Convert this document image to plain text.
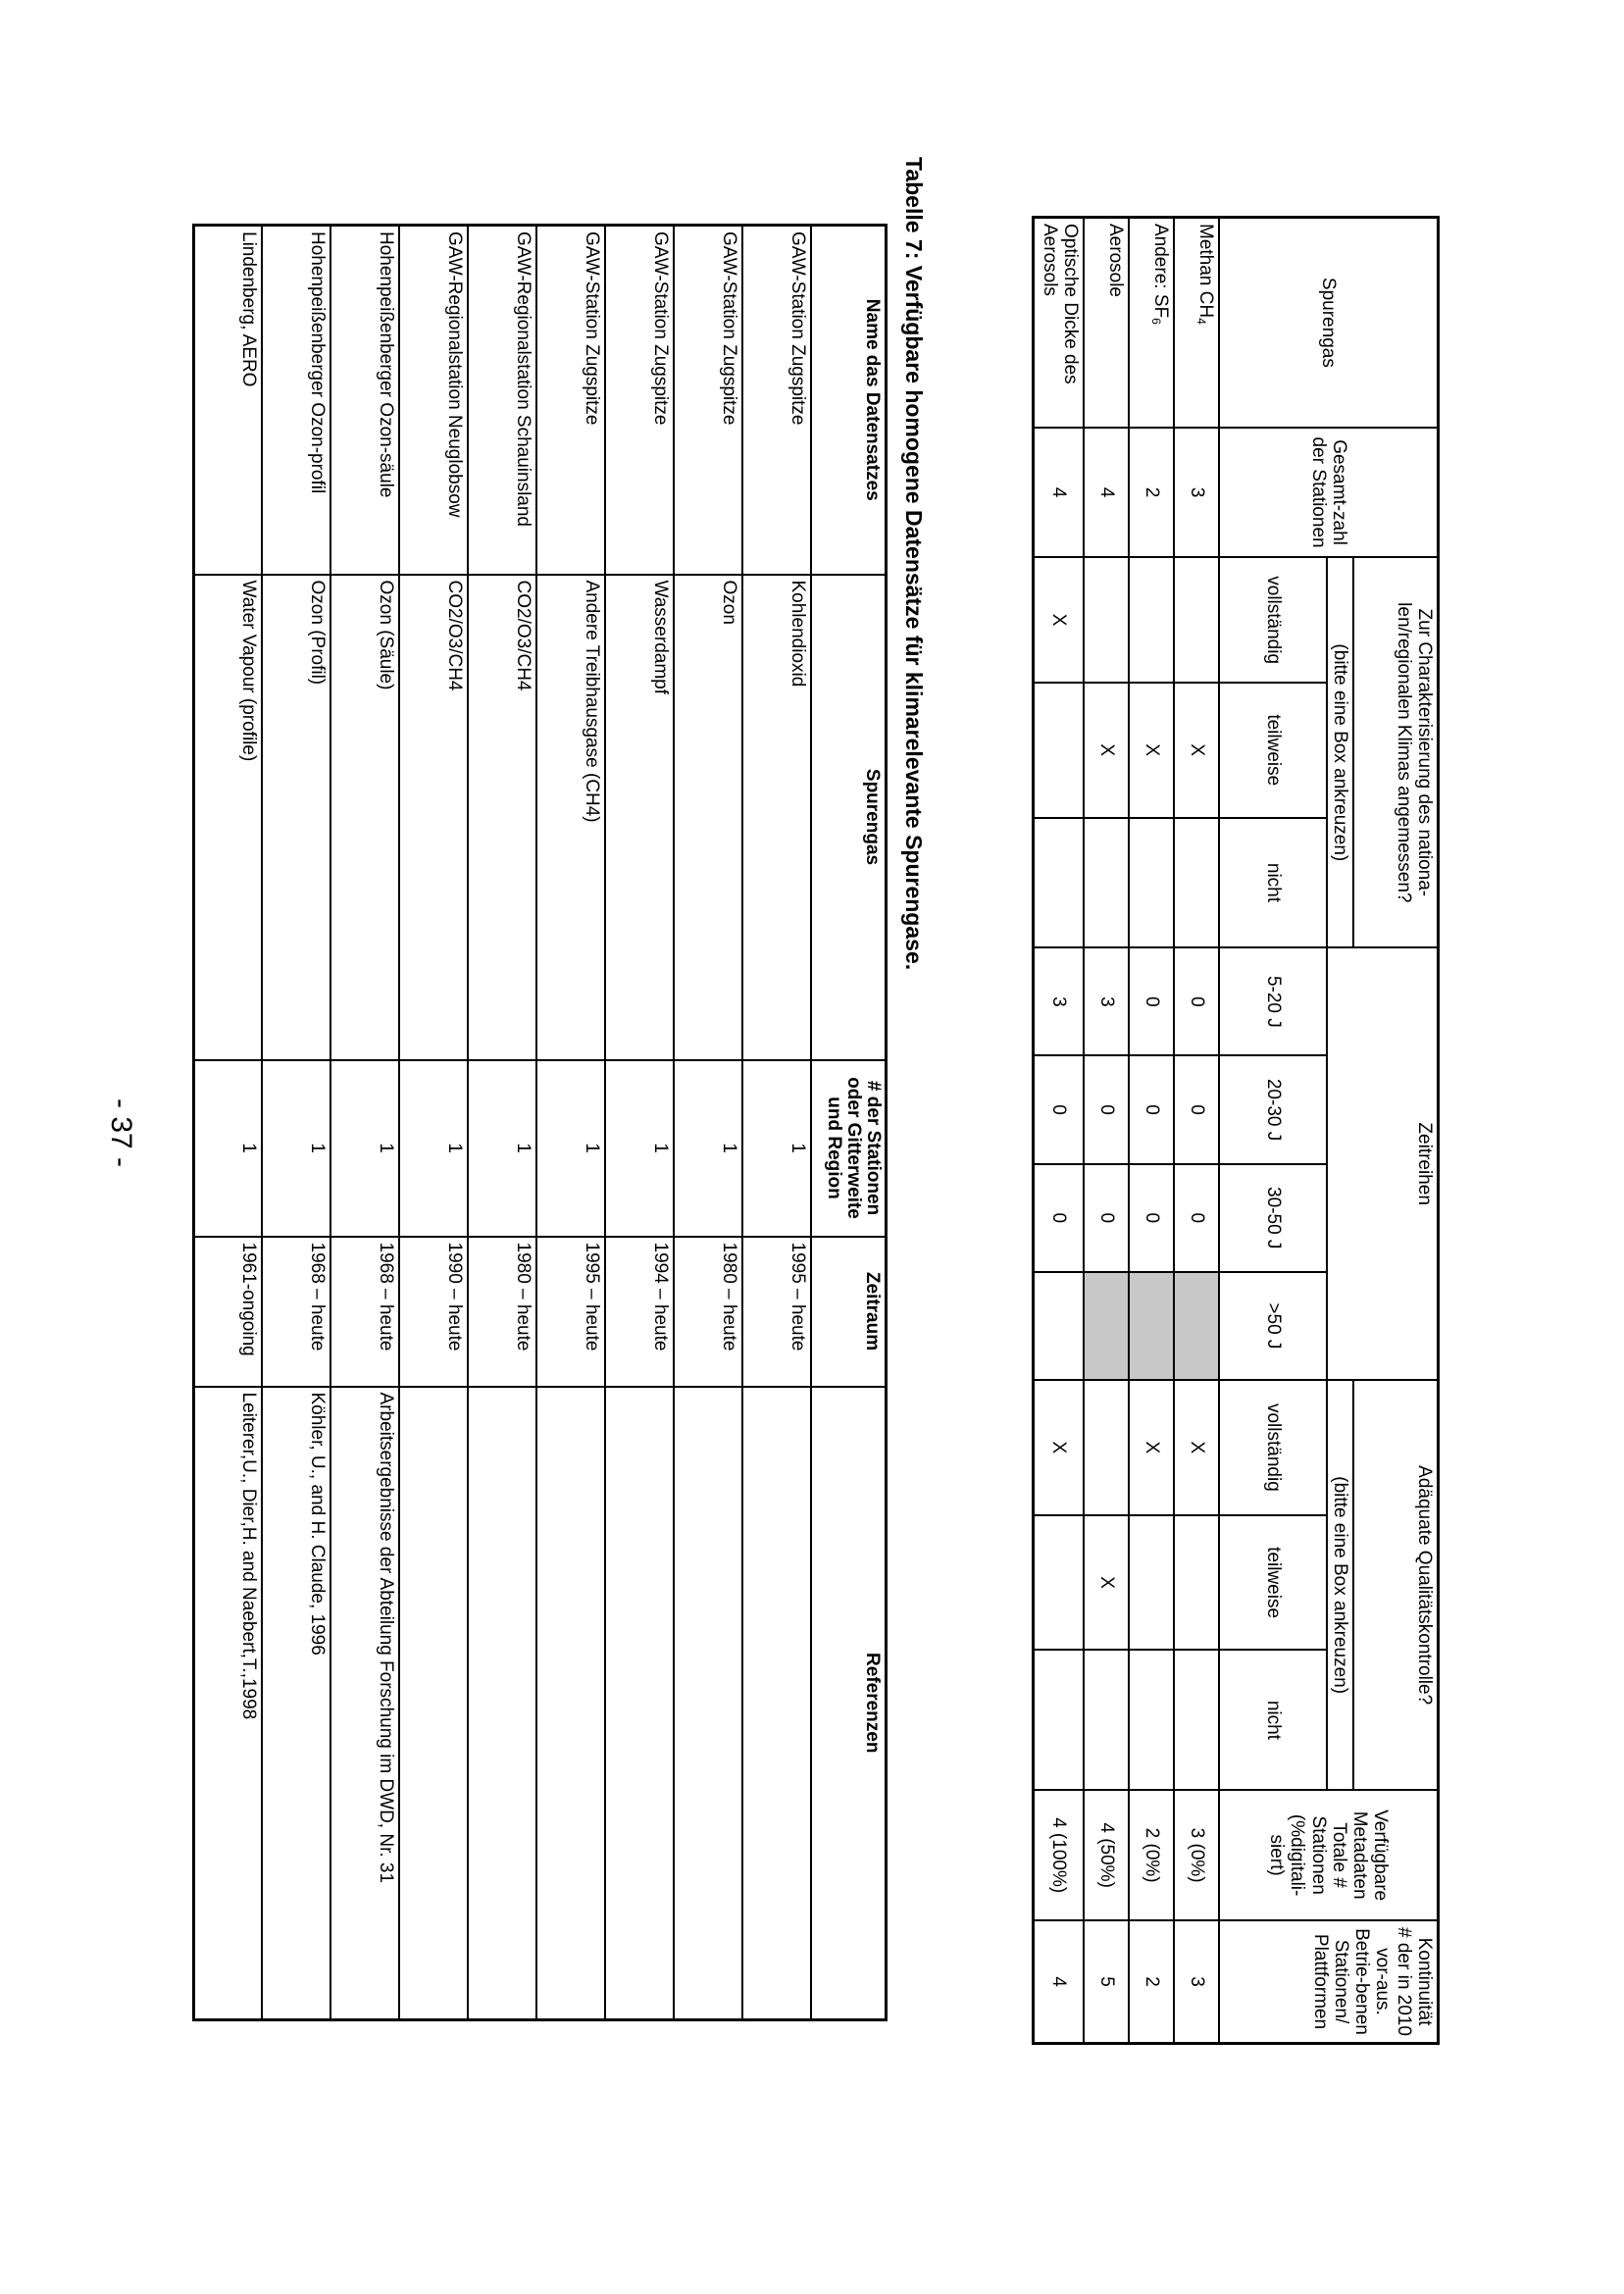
Spurengas	Gesamt-zahl der Stationen	Zur Charakterisierung des nationa-len/regionalen Klimas angemessen?			Zeitreihen				Adäquate Qualitätskontrolle?			Verfügbare Metadaten Totale # Stationen (%digitali-siert)	Kontinuität
# der in 2010 vor-aus. Betrie-benen Stationen/ Plattformen

		(bitte eine Box ankreuzen)							(bitte eine Box ankreuzen)				
		vollständig	teilweise	nicht	5-20 J	20-30 J	30-50 J	>50 J	vollständig	teilweise	nicht		
Methan $CH_4$	3		X		0	0	0		X			3 (0%)	3
Andere: $SF_6$	2		X		0	0	0		X			2 (0%)	2
Aerosole	4		X		3	0	0			X		4 (50%)	5
Optische Dicke des Aerosols	4	X			3	0	0		X			4 (100%)	4
Tabelle 7: Verfügbare homogene Datensätze für klimarelevante Spurengase.
Name das Datensatzes	Spurengas	# der Stationen oder Gitterweite und Region	Zeitraum	Referenzen
GAW-Station Zugspitze	Kohlendioxid	1	1995 – heute	
GAW-Station Zugspitze	Ozon	1	1980 – heute	
GAW-Station Zugspitze	Wasserdampf	1	1994 – heute	
GAW-Station Zugspitze	Andere Treibhausgase (CH4)	1	1995 – heute	
GAW-Regionalstation Schauinsland	CO2/O3/CH4	1	1980 – heute	
GAW-Regionalstation Neuglobsow	CO2/O3/CH4	1	1990 – heute	
Hohenpeißenberger Ozon-säule	Ozon (Säule)	1	1968 – heute	Arbeitsergebnisse der Abteilung Forschung im DWD, Nr. 31
Hohenpeißenberger Ozon-profil	Ozon (Profil)	1	1968 – heute	Köhler, U., and H. Claude, 1996
Lindenberg, AERO	Water Vapour (profile)	1	1961-ongoing	Leiterer,U., Dier,H. and Naebert,T.,1998
- 37 -
